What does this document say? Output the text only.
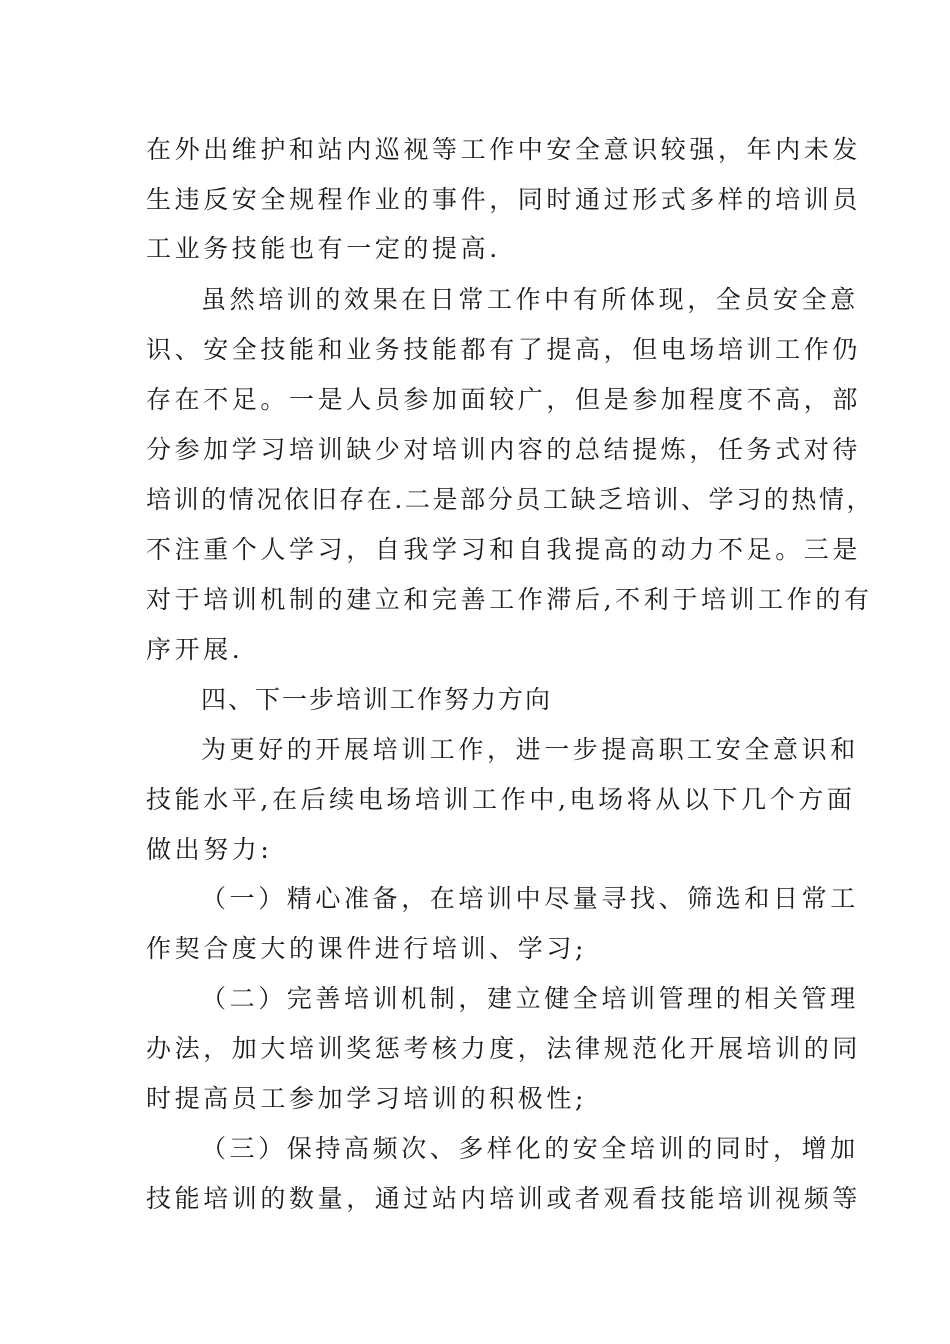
在外出维护和站内巡视等工作中安全意识较强，年内未发
生违反安全规程作业的事件，同时通过形式多样的培训员
工业务技能也有一定的提高.
虽然培训的效果在日常工作中有所体现，全员安全意
识、安全技能和业务技能都有了提高，但电场培训工作仍
存在不足。一是人员参加面较广，但是参加程度不高，部
分参加学习培训缺少对培训内容的总结提炼，任务式对待
培训的情况依旧存在.二是部分员工缺乏培训、学习的热情，
不注重个人学习，自我学习和自我提高的动力不足。三是
对于培训机制的建立和完善工作滞后,不利于培训工作的有
序开展.
四、下一步培训工作努力方向
为更好的开展培训工作，进一步提高职工安全意识和
技能水平,在后续电场培训工作中,电场将从以下几个方面
做出努力:
（一）精心准备，在培训中尽量寻找、筛选和日常工
作契合度大的课件进行培训、学习;
（二）完善培训机制，建立健全培训管理的相关管理
办法，加大培训奖惩考核力度，法律规范化开展培训的同
时提高员工参加学习培训的积极性;
（三）保持高频次、多样化的安全培训的同时，增加
技能培训的数量，通过站内培训或者观看技能培训视频等
